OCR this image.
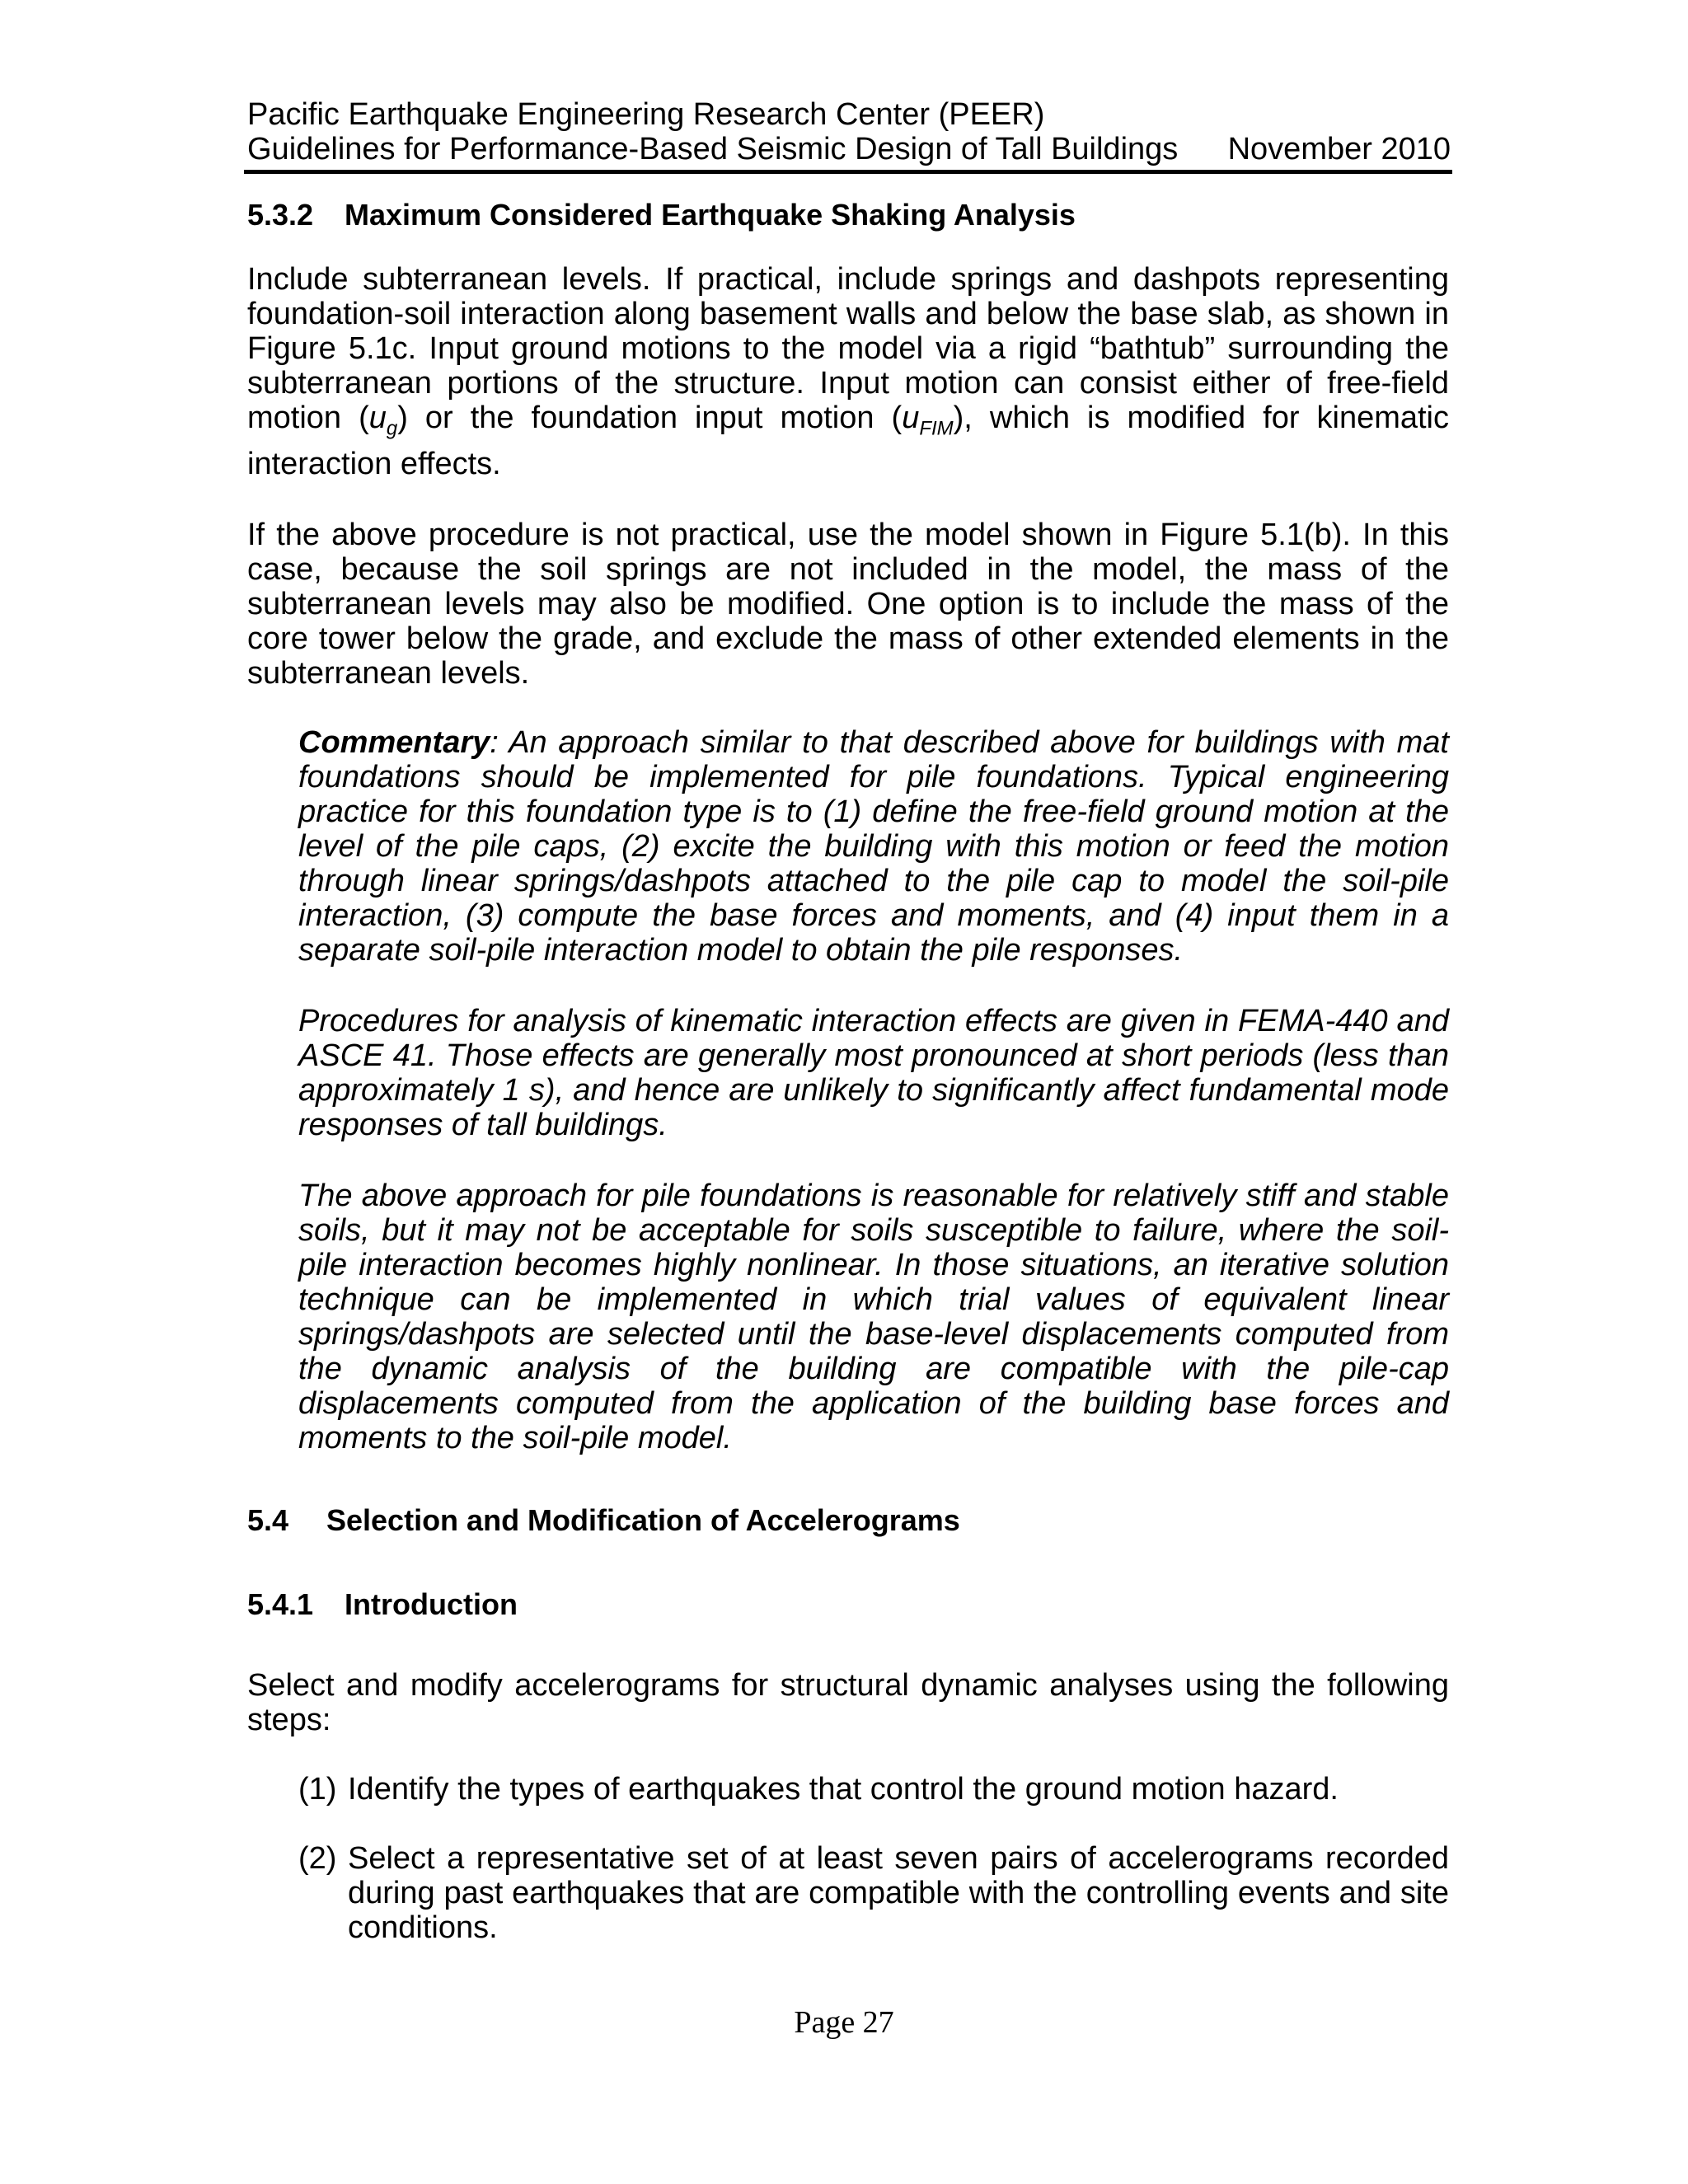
Pacific Earthquake Engineering Research Center (PEER)
Guidelines for Performance-Based Seismic Design of Tall Buildings November 2010
5.3.2 Maximum Considered Earthquake Shaking Analysis

Include subterranean levels. If practical, include springs and dashpots representing foundation-soil interaction along basement walls and below the base slab, as shown in Figure 5.1c. Input ground motions to the model via a rigid “bathtub” surrounding the subterranean portions of the structure. Input motion can consist either of free-field motion $(u_g)$ or the foundation input motion $(u_{FIM})$, which is modified for kinematic interaction effects.

If the above procedure is not practical, use the model shown in Figure 5.1(b). In this case, because the soil springs are not included in the model, the mass of the subterranean levels may also be modified. One option is to include the mass of the core tower below the grade, and exclude the mass of other extended elements in the subterranean levels.

Commentary: An approach similar to that described above for buildings with mat foundations should be implemented for pile foundations. Typical engineering practice for this foundation type is to (1) define the free-field ground motion at the level of the pile caps, (2) excite the building with this motion or feed the motion through linear springs/dashpots attached to the pile cap to model the soil-pile interaction, (3) compute the base forces and moments, and (4) input them in a separate soil-pile interaction model to obtain the pile responses.

Procedures for analysis of kinematic interaction effects are given in FEMA-440 and ASCE 41. Those effects are generally most pronounced at short periods (less than approximately 1 s), and hence are unlikely to significantly affect fundamental mode responses of tall buildings.

The above approach for pile foundations is reasonable for relatively stiff and stable soils, but it may not be acceptable for soils susceptible to failure, where the soil-pile interaction becomes highly nonlinear. In those situations, an iterative solution technique can be implemented in which trial values of equivalent linear springs/dashpots are selected until the base-level displacements computed from the dynamic analysis of the building are compatible with the pile-cap displacements computed from the application of the building base forces and moments to the soil-pile model.

5.4 Selection and Modification of Accelerograms
5.4.1 Introduction

Select and modify accelerograms for structural dynamic analyses using the following steps:

(1) Identify the types of earthquakes that control the ground motion hazard.
(2) Select a representative set of at least seven pairs of accelerograms recorded during past earthquakes that are compatible with the controlling events and site conditions.
Page 27
